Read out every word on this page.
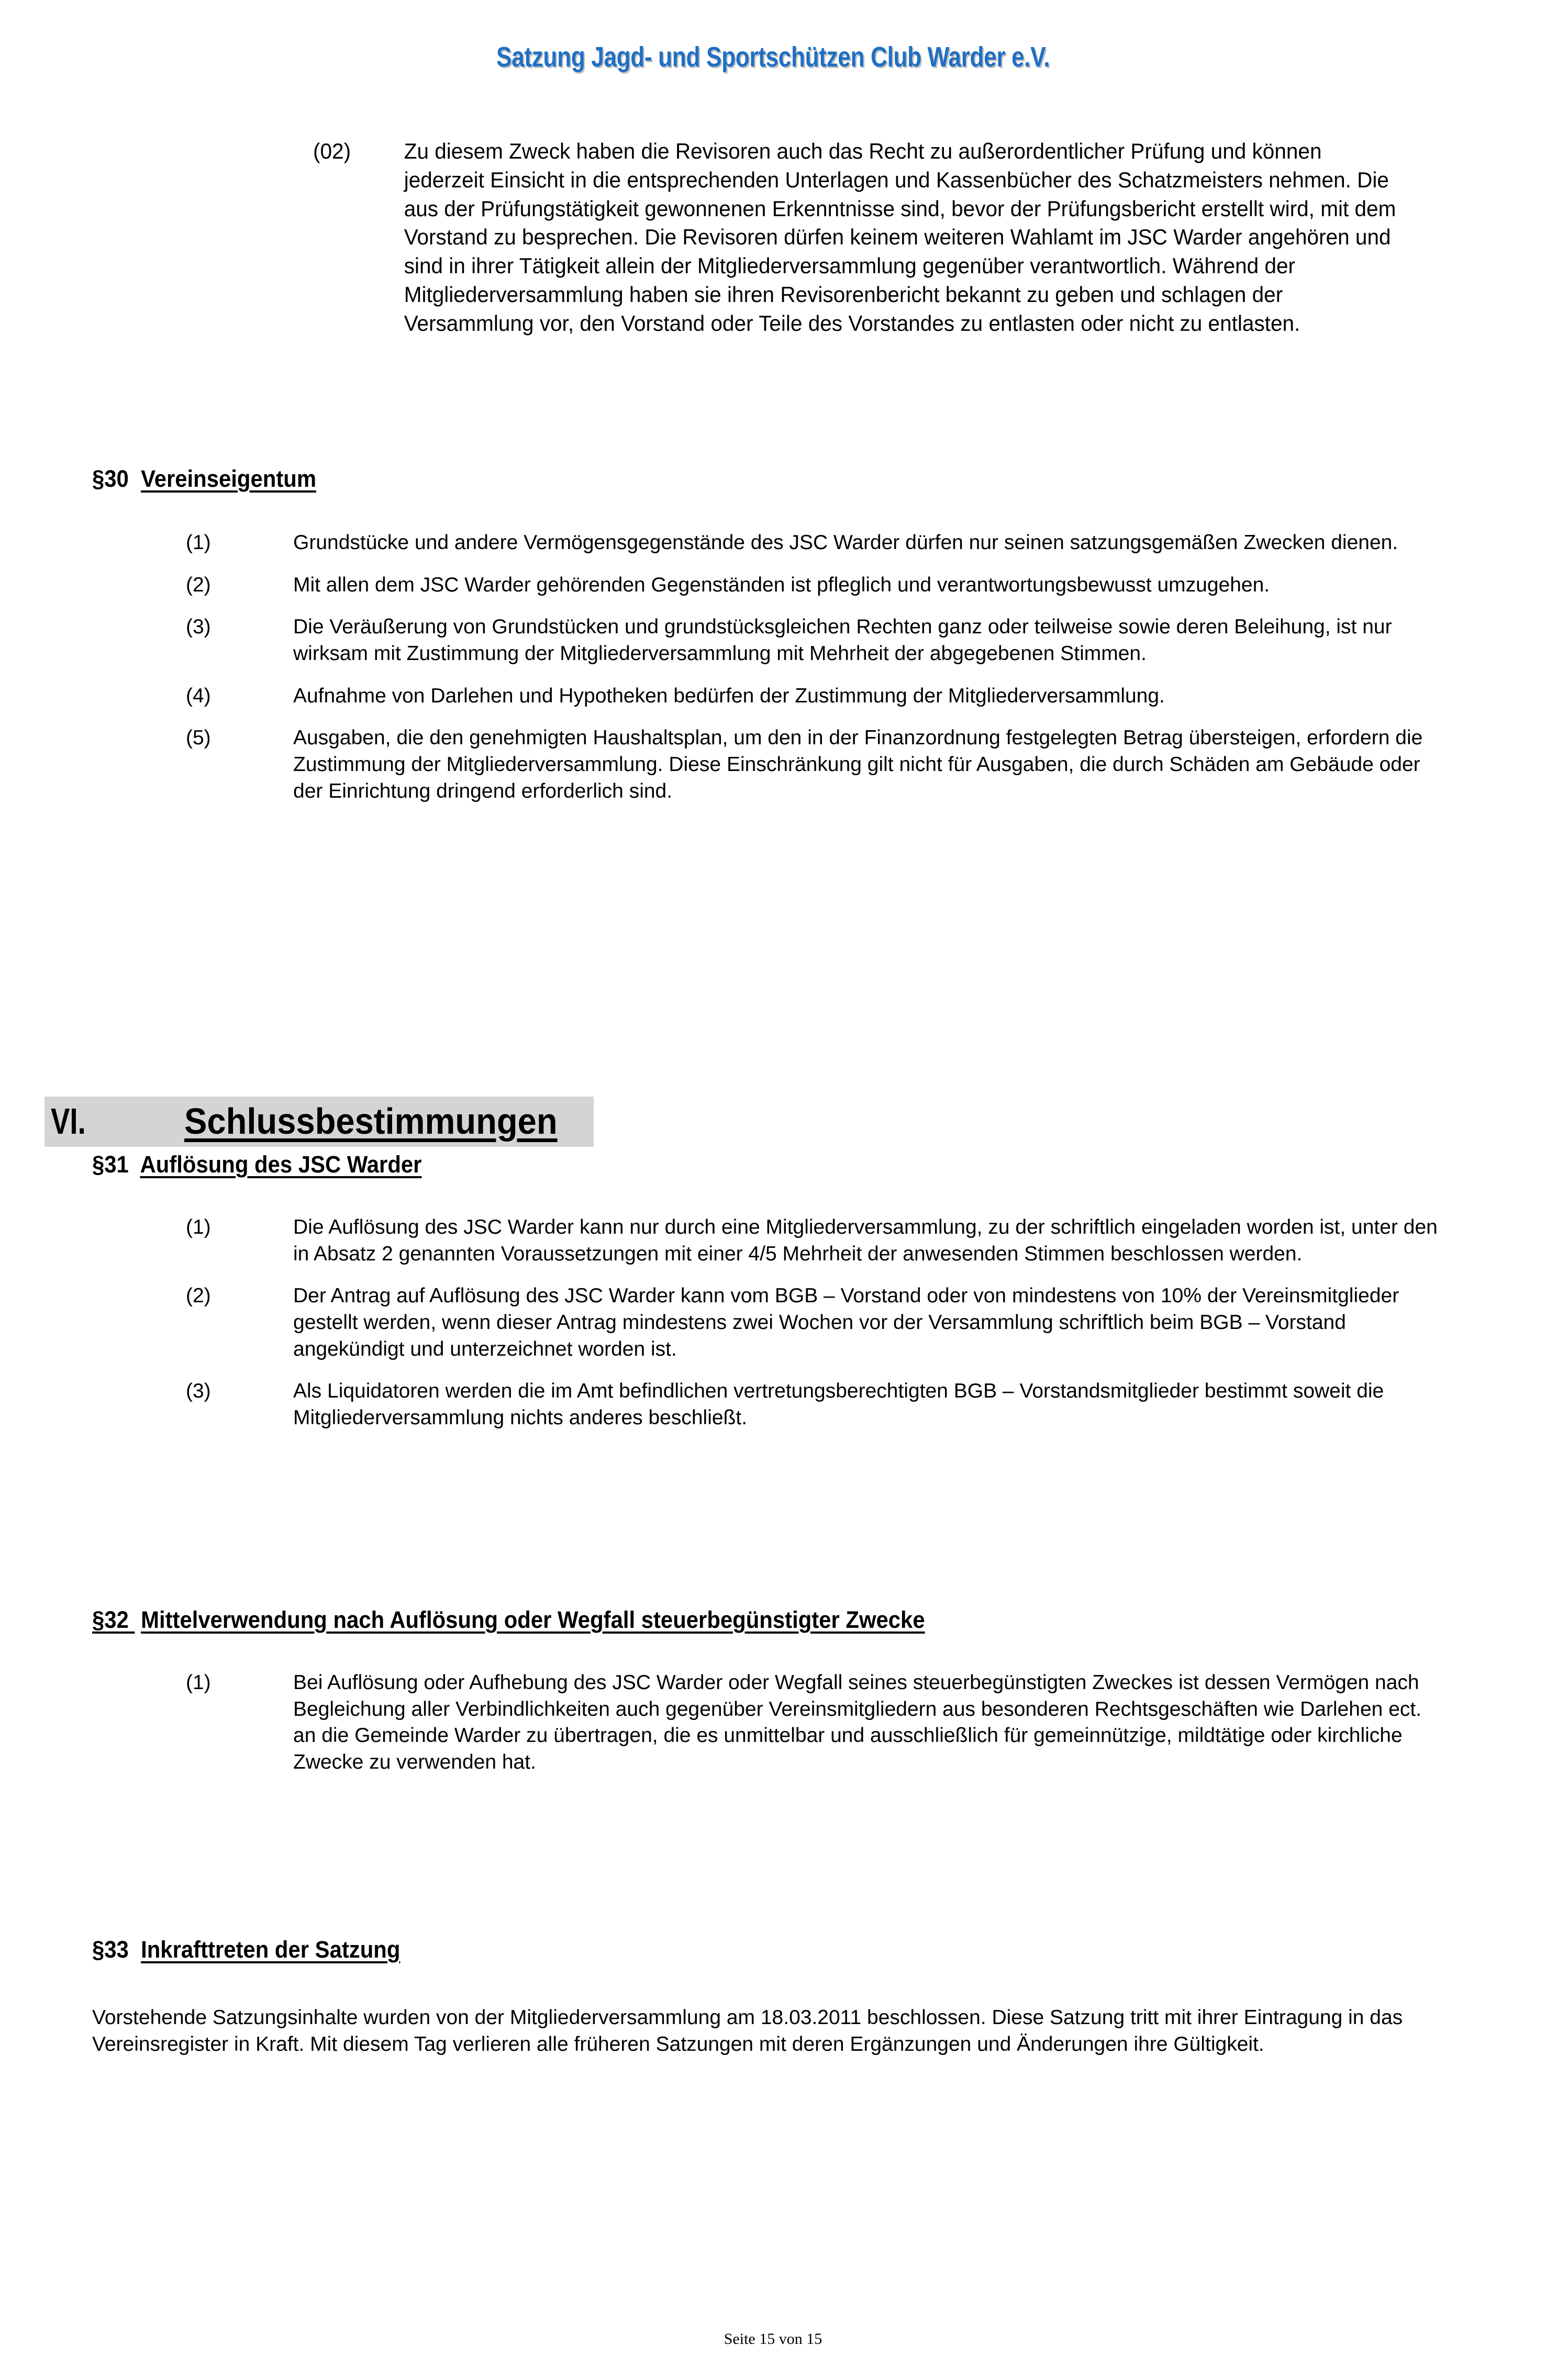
Satzung Jagd- und Sportschützen Club Warder e.V.
(02)	Zu diesem Zweck haben die Revisoren auch das Recht zu außerordentlicher Prüfung und können jederzeit Einsicht in die entsprechenden Unterlagen und Kassenbücher des Schatzmeisters nehmen. Die aus der Prüfungstätigkeit gewonnenen Erkenntnisse sind, bevor der Prüfungsbericht erstellt wird, mit dem Vorstand zu besprechen. Die Revisoren dürfen keinem weiteren Wahlamt im JSC Warder angehören und sind in ihrer Tätigkeit allein der Mitgliederversammlung gegenüber verantwortlich. Während der Mitgliederversammlung haben sie ihren Revisorenbericht bekannt zu geben und schlagen der Versammlung vor, den Vorstand oder Teile des Vorstandes zu entlasten oder nicht zu entlasten.
§30  Vereinseigentum
(1)	Grundstücke und andere Vermögensgegenstände des JSC Warder dürfen nur seinen satzungsgemäßen Zwecken dienen.
(2)	Mit allen dem JSC Warder gehörenden Gegenständen ist pfleglich und verantwortungsbewusst umzugehen.
(3)	Die Veräußerung von Grundstücken und grundstücksgleichen Rechten ganz oder teilweise sowie deren Beleihung, ist nur wirksam mit Zustimmung der Mitgliederversammlung mit Mehrheit der abgegebenen Stimmen.
(4)	Aufnahme von Darlehen und Hypotheken bedürfen der Zustimmung der Mitgliederversammlung.
(5)	Ausgaben, die den genehmigten Haushaltsplan, um den in der Finanzordnung festgelegten Betrag übersteigen, erfordern die Zustimmung der Mitgliederversammlung. Diese Einschränkung gilt nicht für Ausgaben, die durch Schäden am Gebäude oder der Einrichtung dringend erforderlich sind.
VI.	Schlussbestimmungen
§31  Auflösung des JSC Warder
(1)	Die Auflösung des JSC Warder kann nur durch eine Mitgliederversammlung, zu der schriftlich eingeladen worden ist, unter den in Absatz 2 genannten Voraussetzungen mit einer 4/5 Mehrheit der anwesenden Stimmen beschlossen werden.
(2)	Der Antrag auf Auflösung des JSC Warder kann vom BGB – Vorstand oder von mindestens von 10% der Vereinsmitglieder gestellt werden, wenn dieser Antrag mindestens zwei Wochen vor der Versammlung schriftlich beim BGB – Vorstand angekündigt und unterzeichnet worden ist.
(3)	Als Liquidatoren werden die im Amt befindlichen vertretungsberechtigten BGB – Vorstandsmitglieder bestimmt soweit die Mitgliederversammlung nichts anderes beschließt.
§32  Mittelverwendung nach Auflösung oder Wegfall steuerbegünstigter Zwecke
(1)	Bei Auflösung oder Aufhebung des JSC Warder oder Wegfall seines steuerbegünstigten Zweckes ist dessen Vermögen nach Begleichung aller Verbindlichkeiten auch gegenüber Vereinsmitgliedern aus besonderen Rechtsgeschäften wie Darlehen ect. an die Gemeinde Warder zu übertragen, die es unmittelbar und ausschließlich für gemeinnützige, mildtätige oder kirchliche Zwecke zu verwenden hat.
§33  Inkrafttreten der Satzung
Vorstehende Satzungsinhalte wurden von der Mitgliederversammlung am 18.03.2011 beschlossen. Diese Satzung tritt mit ihrer Eintragung in das Vereinsregister in Kraft. Mit diesem Tag verlieren alle früheren Satzungen mit deren Ergänzungen und Änderungen ihre Gültigkeit.
Seite 15 von 15
